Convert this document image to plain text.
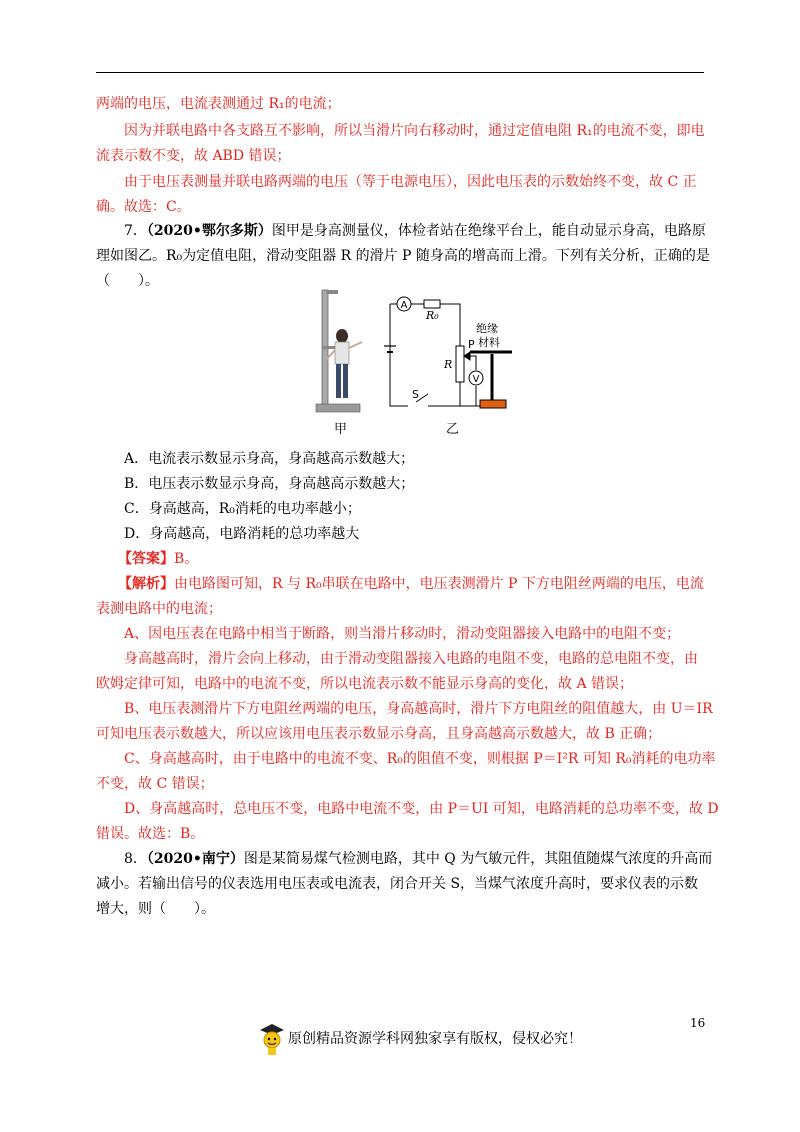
两端的电压，电流表测通过 R₁的电流；
因为并联电路中各支路互不影响，所以当滑片向右移动时，通过定值电阻 R₁的电流不变，即电
流表示数不变，故 ABD 错误；
由于电压表测量并联电路两端的电压（等于电源电压），因此电压表的示数始终不变，故 C 正
确。故选：C。
7．（2020•鄂尔多斯）图甲是身高测量仪，体检者站在绝缘平台上，能自动显示身高，电路原
理如图乙。R₀为定值电阻，滑动变阻器 R 的滑片 P 随身高的增高而上滑。下列有关分析，正确的是
（　　）。
A
V
R₀
R
P
S
绝缘
材料
甲	乙
A．电流表示数显示身高，身高越高示数越大；
B．电压表示数显示身高，身高越高示数越大；
C．身高越高，R₀消耗的电功率越小；
D．身高越高，电路消耗的总功率越大
【答案】B。
【解析】由电路图可知，R 与 R₀串联在电路中，电压表测滑片 P 下方电阻丝两端的电压，电流
表测电路中的电流；
A、因电压表在电路中相当于断路，则当滑片移动时，滑动变阻器接入电路中的电阻不变；
身高越高时，滑片会向上移动，由于滑动变阻器接入电路的电阻不变，电路的总电阻不变，由
欧姆定律可知，电路中的电流不变，所以电流表示数不能显示身高的变化，故 A 错误；
B、电压表测滑片下方电阻丝两端的电压，身高越高时，滑片下方电阻丝的阻值越大，由 U＝IR
可知电压表示数越大，所以应该用电压表示数显示身高，且身高越高示数越大，故 B 正确；
C、身高越高时，由于电路中的电流不变、R₀的阻值不变，则根据 P＝I²R 可知 R₀消耗的电功率
不变，故 C 错误；
D、身高越高时，总电压不变，电路中电流不变，由 P＝UI 可知，电路消耗的总功率不变，故 D
错误。故选：B。
8．（2020•南宁）图是某简易煤气检测电路，其中 Q 为气敏元件，其阻值随煤气浓度的升高而
减小。若输出信号的仪表选用电压表或电流表，闭合开关 S，当煤气浓度升高时，要求仪表的示数
增大，则（　　）。
16
原创精品资源学科网独家享有版权，侵权必究！
